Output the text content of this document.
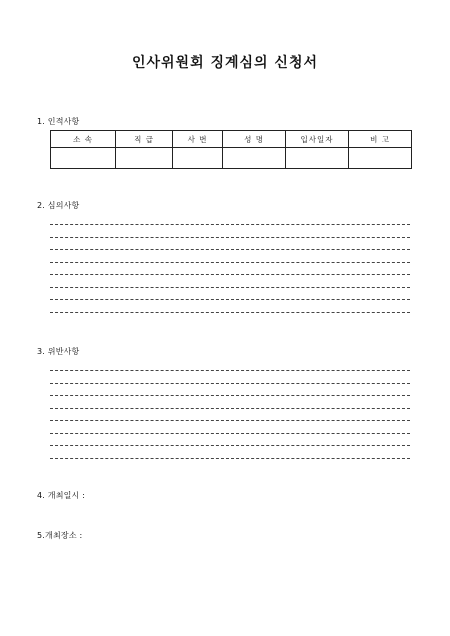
인사위원회 징계심의 신청서
1. 인적사항
소 속	직 급	사 번	성 명	입사일자	비 고

2. 심의사항
3. 위반사항
4. 개최일시 :
5.개최장소 :
